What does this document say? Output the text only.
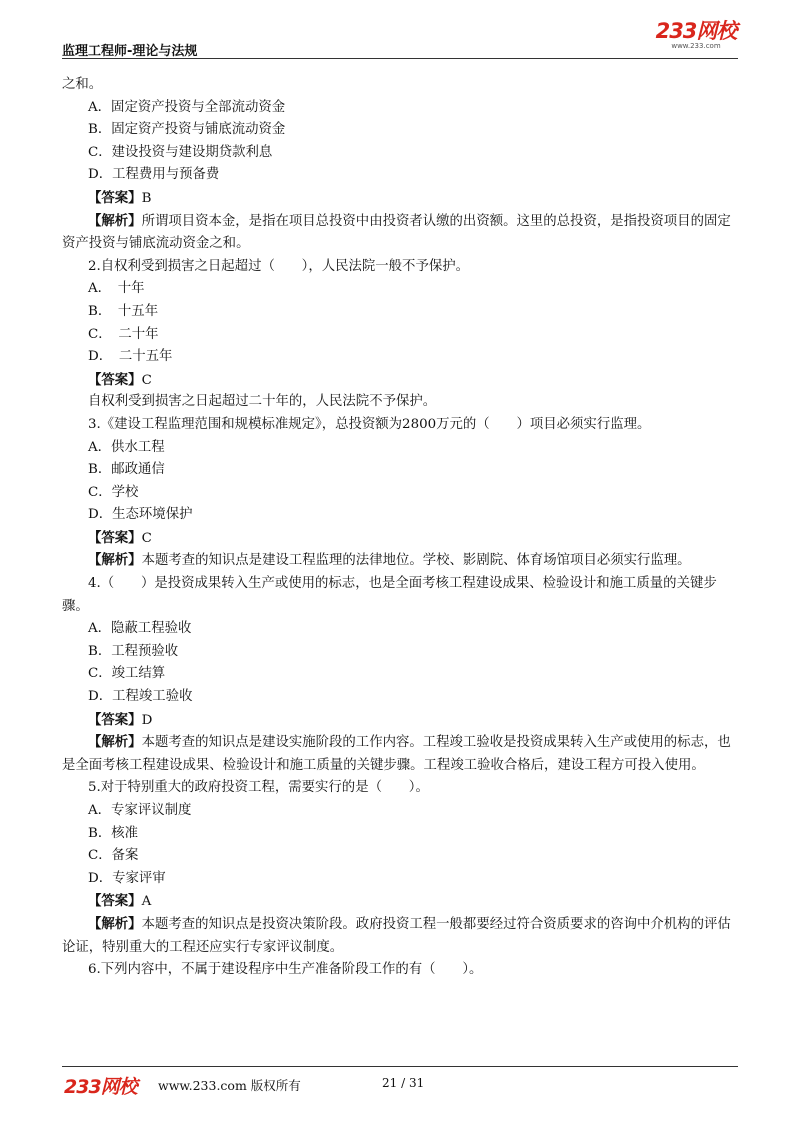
监理工程师-理论与法规
233网校
www.233.com
之和。
A．固定资产投资与全部流动资金
B．固定资产投资与铺底流动资金
C．建设投资与建设期贷款利息
D．工程费用与预备费
【答案】B
【解析】所谓项目资本金，是指在项目总投资中由投资者认缴的出资额。这里的总投资，是指投资项目的固定资产投资与铺底流动资金之和。
2.自权利受到损害之日起超过（　　），人民法院一般不予保护。
A．　十年
B．　十五年
C．　二十年
D．　二十五年
【答案】C
自权利受到损害之日起超过二十年的，人民法院不予保护。
3.《建设工程监理范围和规模标准规定》，总投资额为2800万元的（　　）项目必须实行监理。
A．供水工程
B．邮政通信
C．学校
D．生态环境保护
【答案】C
【解析】本题考查的知识点是建设工程监理的法律地位。学校、影剧院、体育场馆项目必须实行监理。
4.（　　）是投资成果转入生产或使用的标志，也是全面考核工程建设成果、检验设计和施工质量的关键步骤。
A．隐蔽工程验收
B．工程预验收
C．竣工结算
D．工程竣工验收
【答案】D
【解析】本题考查的知识点是建设实施阶段的工作内容。工程竣工验收是投资成果转入生产或使用的标志，也是全面考核工程建设成果、检验设计和施工质量的关键步骤。工程竣工验收合格后，建设工程方可投入使用。
5.对于特别重大的政府投资工程，需要实行的是（　　）。
A．专家评议制度
B．核准
C．备案
D．专家评审
【答案】A
【解析】本题考查的知识点是投资决策阶段。政府投资工程一般都要经过符合资质要求的咨询中介机构的评估论证，特别重大的工程还应实行专家评议制度。
6.下列内容中，不属于建设程序中生产准备阶段工作的有（　　）。
233网校 www.233.com 版权所有	21 / 31
